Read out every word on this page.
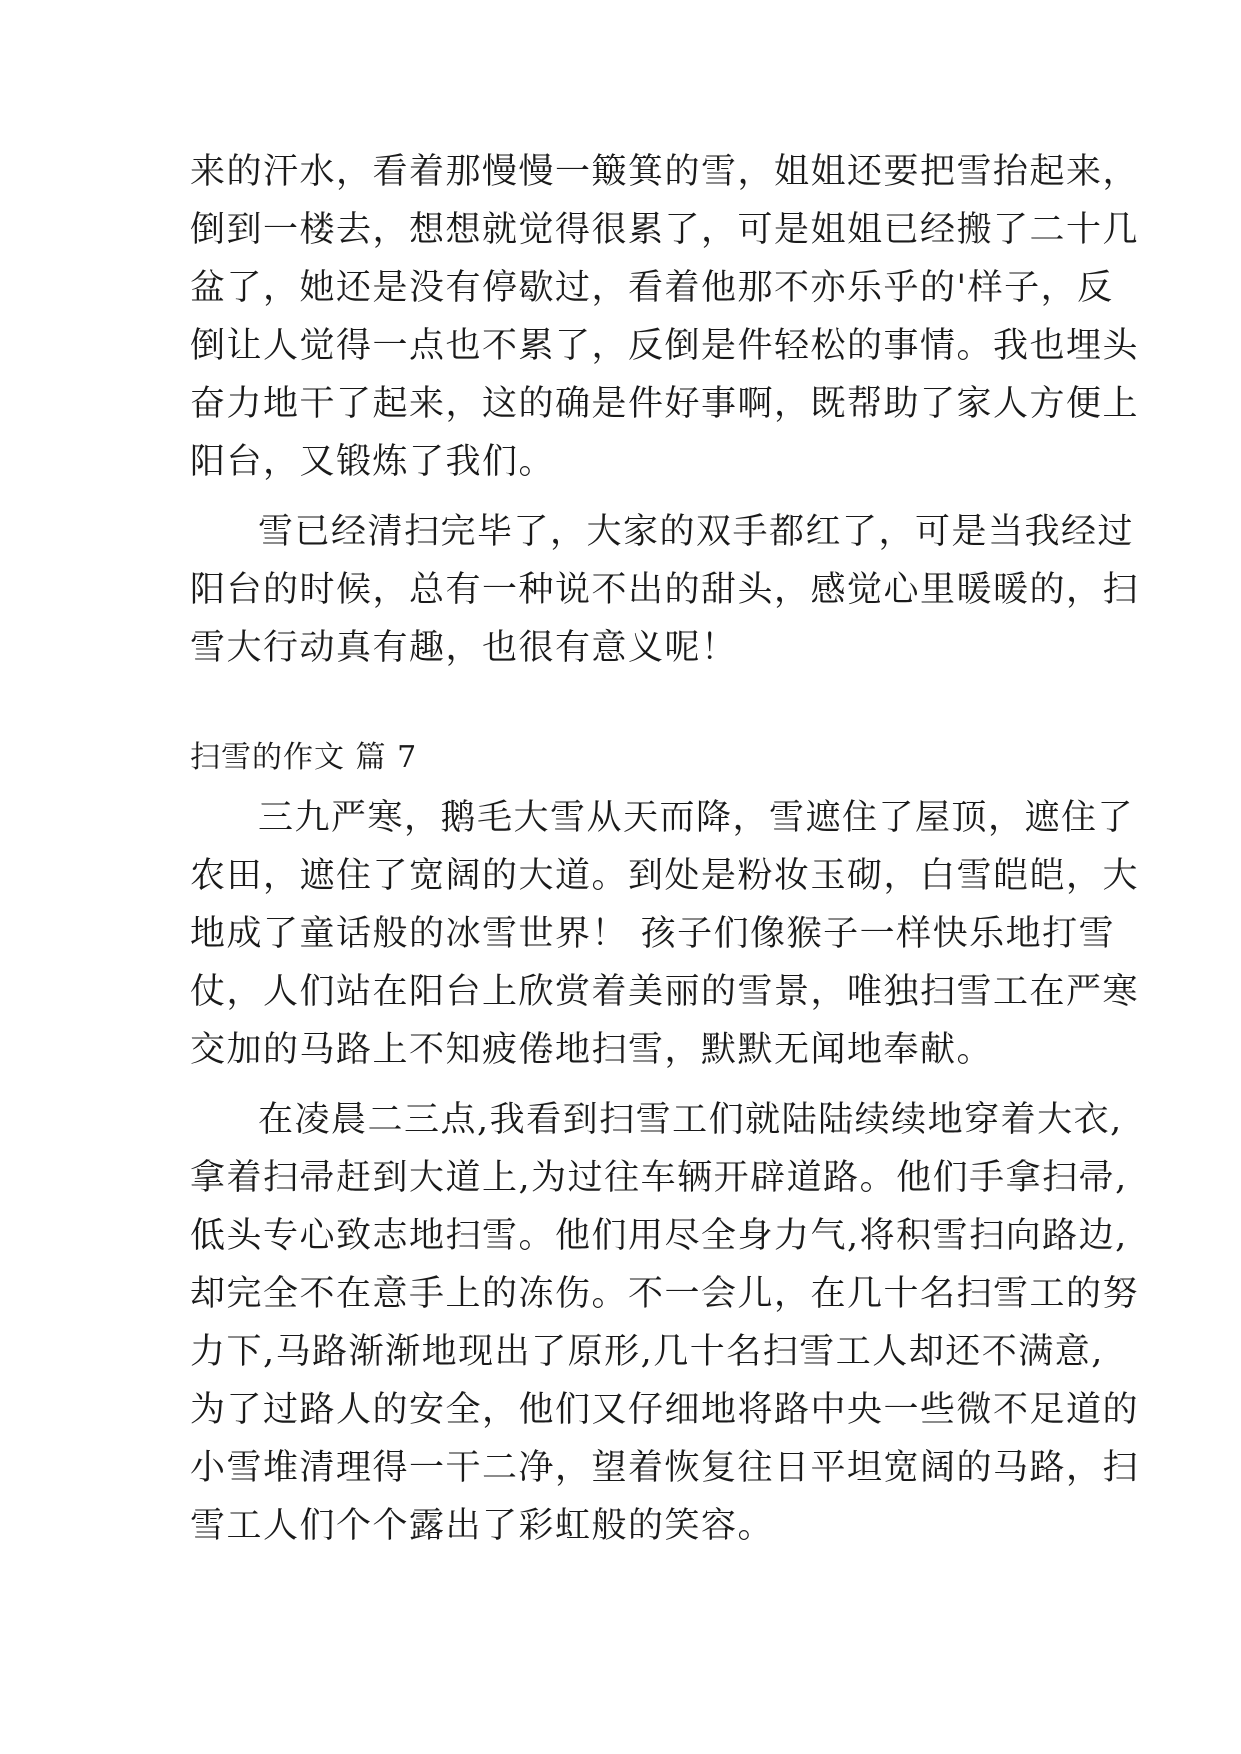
来的汗水，看着那慢慢一簸箕的雪，姐姐还要把雪抬起来，
倒到一楼去，想想就觉得很累了，可是姐姐已经搬了二十几
盆了，她还是没有停歇过，看着他那不亦乐乎的'样子，反
倒让人觉得一点也不累了，反倒是件轻松的事情。我也埋头
奋力地干了起来，这的确是件好事啊，既帮助了家人方便上
阳台，又锻炼了我们。
雪已经清扫完毕了，大家的双手都红了，可是当我经过
阳台的时候，总有一种说不出的甜头，感觉心里暖暖的，扫
雪大行动真有趣，也很有意义呢！
扫雪的作文 篇 7
三九严寒，鹅毛大雪从天而降，雪遮住了屋顶，遮住了
农田，遮住了宽阔的大道。到处是粉妆玉砌，白雪皑皑，大
地成了童话般的冰雪世界！ 孩子们像猴子一样快乐地打雪
仗，人们站在阳台上欣赏着美丽的雪景，唯独扫雪工在严寒
交加的马路上不知疲倦地扫雪，默默无闻地奉献。
在凌晨二三点,我看到扫雪工们就陆陆续续地穿着大衣,
拿着扫帚赶到大道上,为过往车辆开辟道路。他们手拿扫帚,
低头专心致志地扫雪。他们用尽全身力气,将积雪扫向路边,
却完全不在意手上的冻伤。不一会儿，在几十名扫雪工的努
力下,马路渐渐地现出了原形,几十名扫雪工人却还不满意,
为了过路人的安全，他们又仔细地将路中央一些微不足道的
小雪堆清理得一干二净，望着恢复往日平坦宽阔的马路，扫
雪工人们个个露出了彩虹般的笑容。
